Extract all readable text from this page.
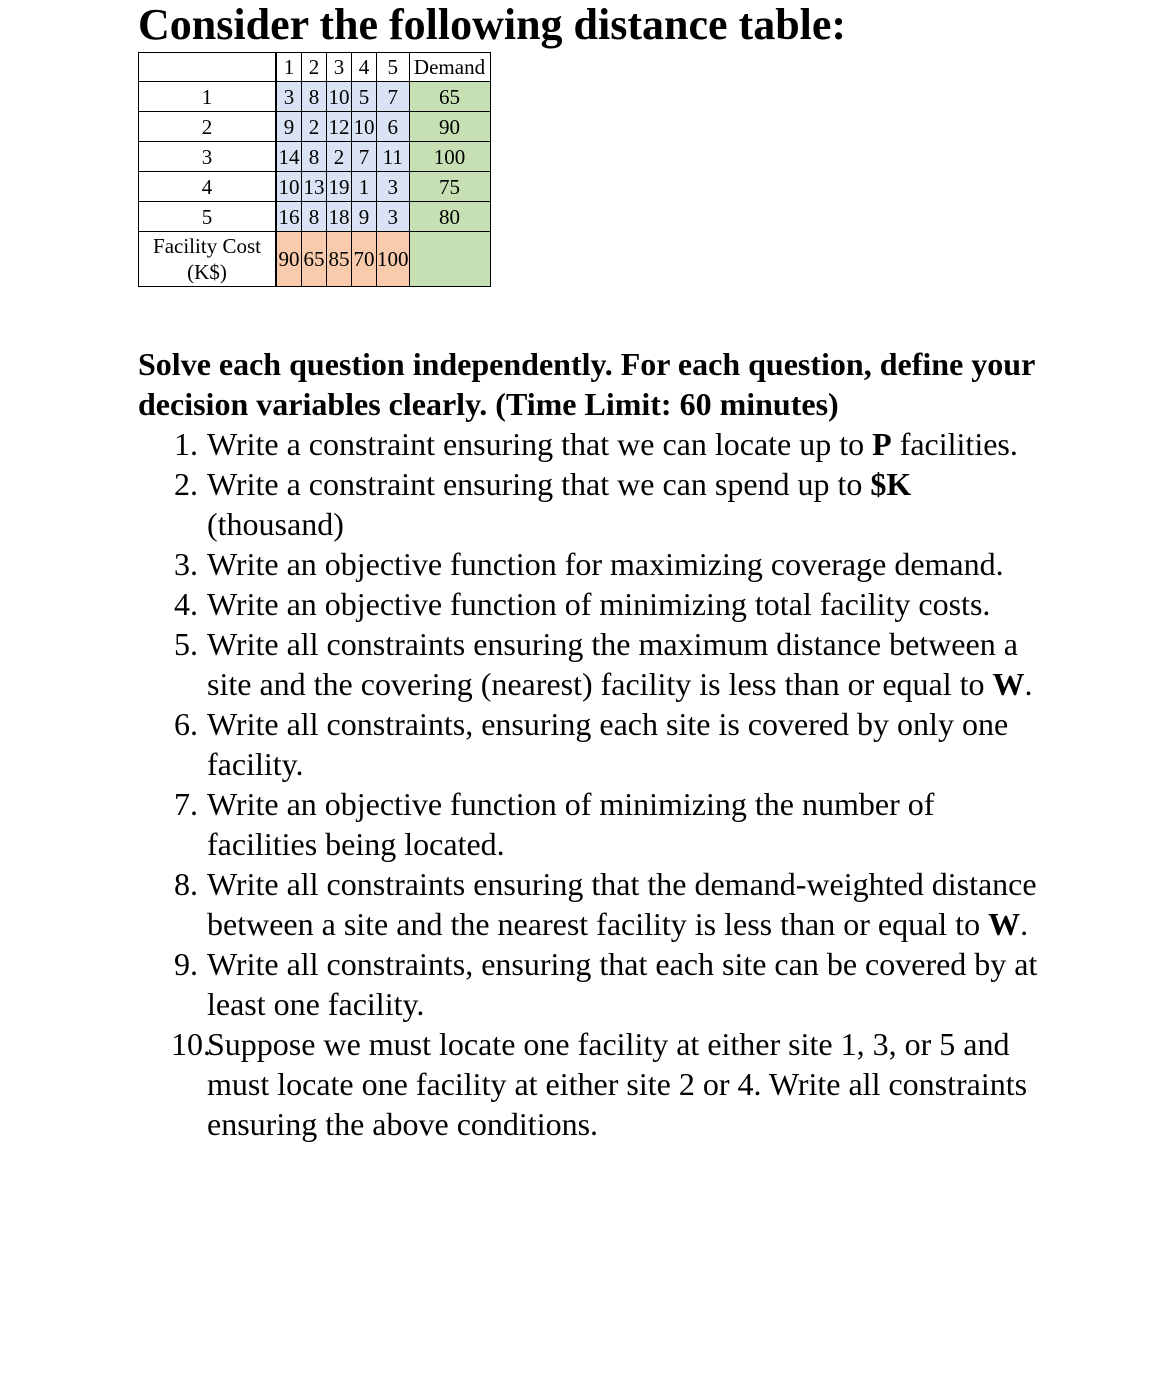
Consider the following distance table:
	1	2	3	4	5	Demand
1	3	8	10	5	7	65
2	9	2	12	10	6	90
3	14	8	2	7	11	100
4	10	13	19	1	3	75
5	16	8	18	9	3	80

Facility Cost
(K$)	90	65	85	70	100	
Solve each question independently. For each question, define your decision variables clearly. (Time Limit: 60 minutes)
1. Write a constraint ensuring that we can locate up to P facilities.
2. Write a constraint ensuring that we can spend up to $K
(thousand)
3. Write an objective function for maximizing coverage demand.
4. Write an objective function of minimizing total facility costs.
5. Write all constraints ensuring the maximum distance between a site and the covering (nearest) facility is less than or equal to W.
6. Write all constraints, ensuring each site is covered by only one facility.
7. Write an objective function of minimizing the number of facilities being located.
8. Write all constraints ensuring that the demand-weighted distance between a site and the nearest facility is less than or equal to W.
9. Write all constraints, ensuring that each site can be covered by at least one facility.
10.
Suppose we must locate one facility at either site 1, 3, or 5 and must locate one facility at either site 2 or 4. Write all constraints ensuring the above conditions.
